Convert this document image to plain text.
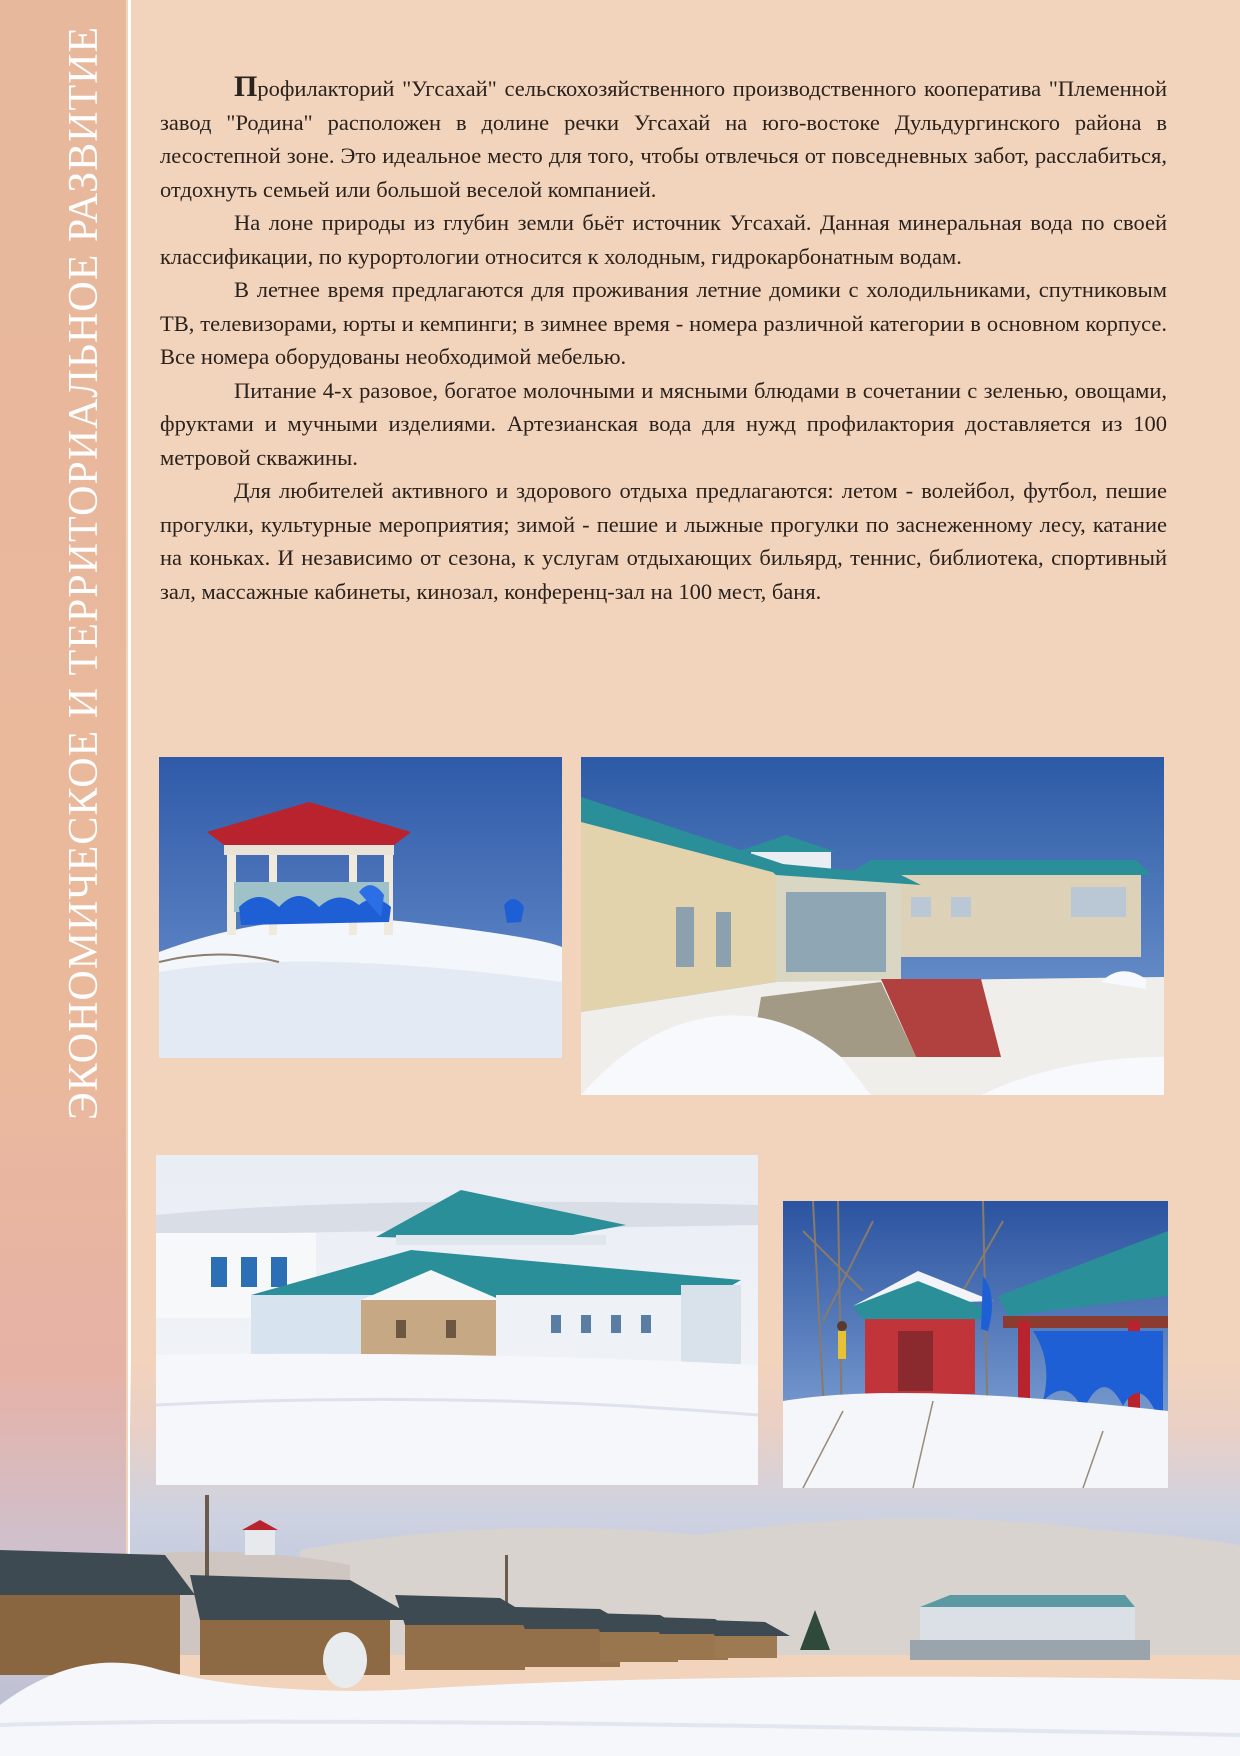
ЭКОНОМИЧЕСКОЕ И ТЕРРИТОРИАЛЬНОЕ РАЗВИТИЕ	Профилакторий "Угсахай" сельскохозяйственного производственного кооператива "Племенной завод "Родина" расположен в долине речки Угсахай на юго-востоке Дульдургинского района в лесостепной зоне. Это идеальное место для того, чтобы отвлечься от повседневных забот, расслабиться, отдохнуть семьей или большой веселой компанией.

На лоне природы из глубин земли бьёт источник Угсахай. Данная минеральная вода по своей классификации, по курортологии относится к холодным, гидрокарбонатным водам.

В летнее время предлагаются для проживания летние домики с холодильниками, спутниковым ТВ, телевизорами, юрты и кемпинги; в зимнее время - номера различной категории в основном корпусе. Все номера оборудованы необходимой мебелью.

Питание 4-х разовое, богатое молочными и мясными блюдами в сочетании с зеленью, овощами, фруктами и мучными изделиями. Артезианская вода для нужд профилактория доставляется из 100 метровой скважины.

Для любителей активного и здорового отдыха предлагаются: летом - волейбол, футбол, пешие прогулки, культурные мероприятия; зимой - пешие и лыжные прогулки по заснеженному лесу, катание на коньках. И независимо от сезона, к услугам отдыхающих бильярд, теннис, библиотека, спортивный зал, массажные кабинеты, кинозал, конференц-зал на 100 мест, баня.
